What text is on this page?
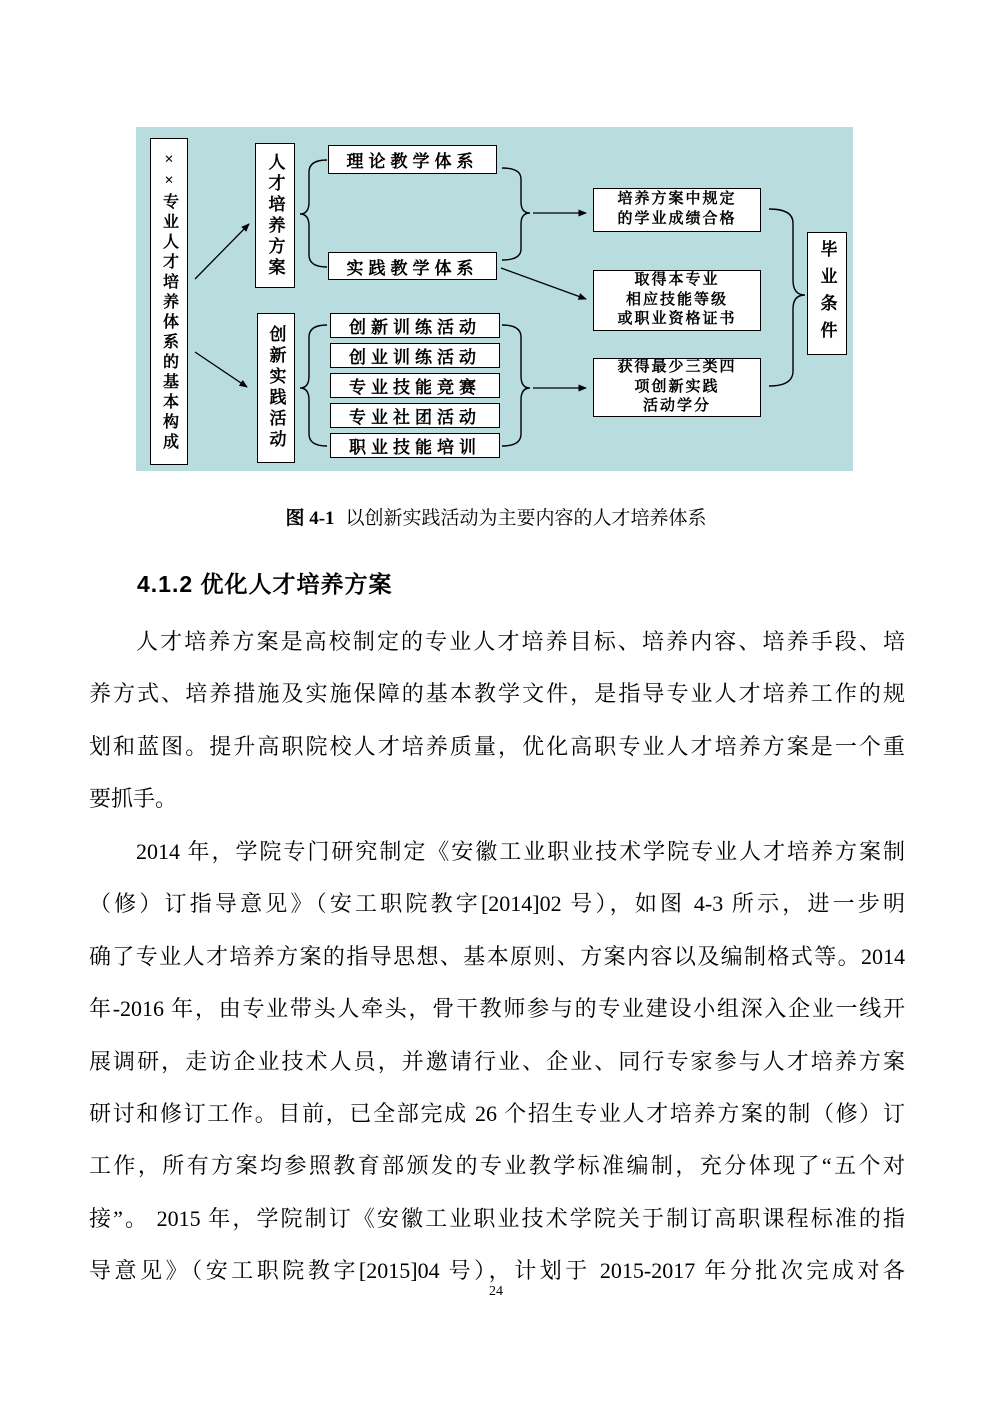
××专业人才培养体系的基本构成	人才培养方案
创新实践活动
理论教学体系
实践教学体系
创新训练活动
创业训练活动
专业技能竞赛
专业社团活动
职业技能培训
培养方案中规定
的学业成绩合格
取得本专业
相应技能等级
或职业资格证书
获得最少三类四
项创新实践
活动学分
毕业条件
图 4-1 以创新实践活动为主要内容的人才培养体系
4.1.2 优化人才培养方案
人才培养方案是高校制定的专业人才培养目标、培养内容、培养手段、培
养方式、培养措施及实施保障的基本教学文件，是指导专业人才培养工作的规
划和蓝图。提升高职院校人才培养质量，优化高职专业人才培养方案是一个重
要抓手。
2014 年，学院专门研究制定《安徽工业职业技术学院专业人才培养方案制
（修）订指导意见》（安工职院教字[2014]02 号），如图 4-3 所示，进一步明
确了专业人才培养方案的指导思想、基本原则、方案内容以及编制格式等。2014
年-2016 年，由专业带头人牵头，骨干教师参与的专业建设小组深入企业一线开
展调研，走访企业技术人员，并邀请行业、企业、同行专家参与人才培养方案
研讨和修订工作。目前，已全部完成 26 个招生专业人才培养方案的制（修）订
工作，所有方案均参照教育部颁发的专业教学标准编制，充分体现了“五个对
接”。 2015 年，学院制订《安徽工业职业技术学院关于制订高职课程标准的指
导意见》（安工职院教字[2015]04 号），计划于 2015-2017 年分批次完成对各
24
